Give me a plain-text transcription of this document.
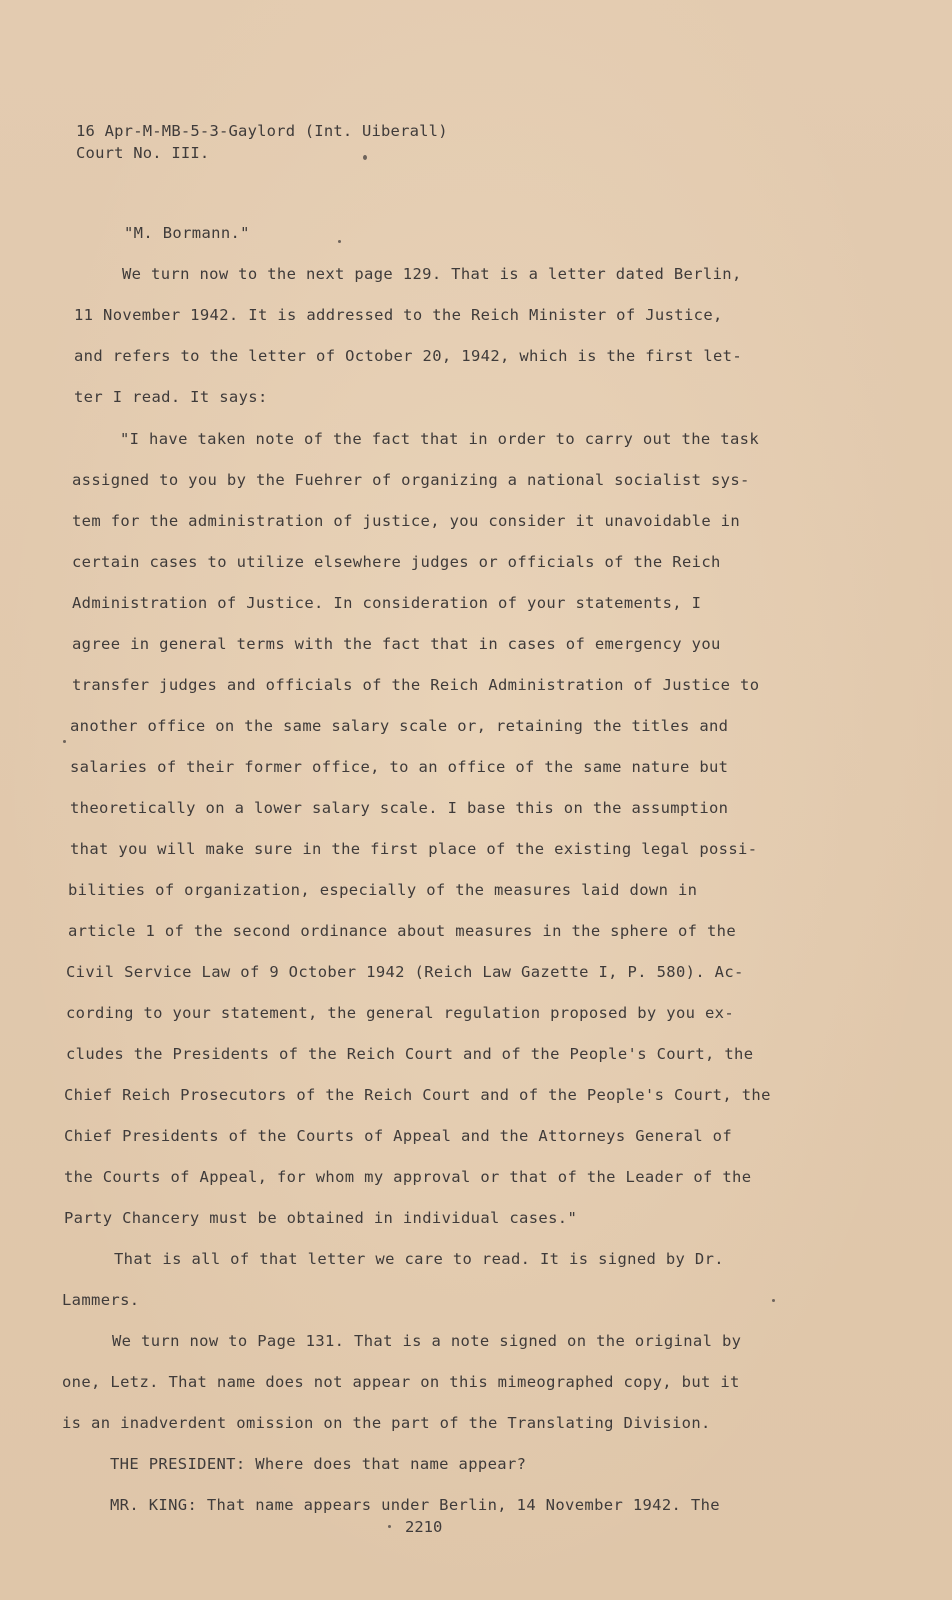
16 Apr-M-MB-5-3-Gaylord (Int. Uiberall)
Court No. III.
"M. Bormann."
We turn now to the next page 129. That is a letter dated Berlin,
11 November 1942. It is addressed to the Reich Minister of Justice,
and refers to the letter of October 20, 1942, which is the first let-
ter I read. It says:
"I have taken note of the fact that in order to carry out the task
assigned to you by the Fuehrer of organizing a national socialist sys-
tem for the administration of justice, you consider it unavoidable in
certain cases to utilize elsewhere judges or officials of the Reich
Administration of Justice. In consideration of your statements, I
agree in general terms with the fact that in cases of emergency you
transfer judges and officials of the Reich Administration of Justice to
another office on the same salary scale or, retaining the titles and
salaries of their former office, to an office of the same nature but
theoretically on a lower salary scale. I base this on the assumption
that you will make sure in the first place of the existing legal possi-
bilities of organization, especially of the measures laid down in
article 1 of the second ordinance about measures in the sphere of the
Civil Service Law of 9 October 1942 (Reich Law Gazette I, P. 580). Ac-
cording to your statement, the general regulation proposed by you ex-
cludes the Presidents of the Reich Court and of the People's Court, the
Chief Reich Prosecutors of the Reich Court and of the People's Court, the
Chief Presidents of the Courts of Appeal and the Attorneys General of
the Courts of Appeal, for whom my approval or that of the Leader of the
Party Chancery must be obtained in individual cases."
That is all of that letter we care to read. It is signed by Dr.
Lammers.
We turn now to Page 131. That is a note signed on the original by
one, Letz. That name does not appear on this mimeographed copy, but it
is an inadverdent omission on the part of the Translating Division.
THE PRESIDENT: Where does that name appear?
MR. KING: That name appears under Berlin, 14 November 1942. The
2210
